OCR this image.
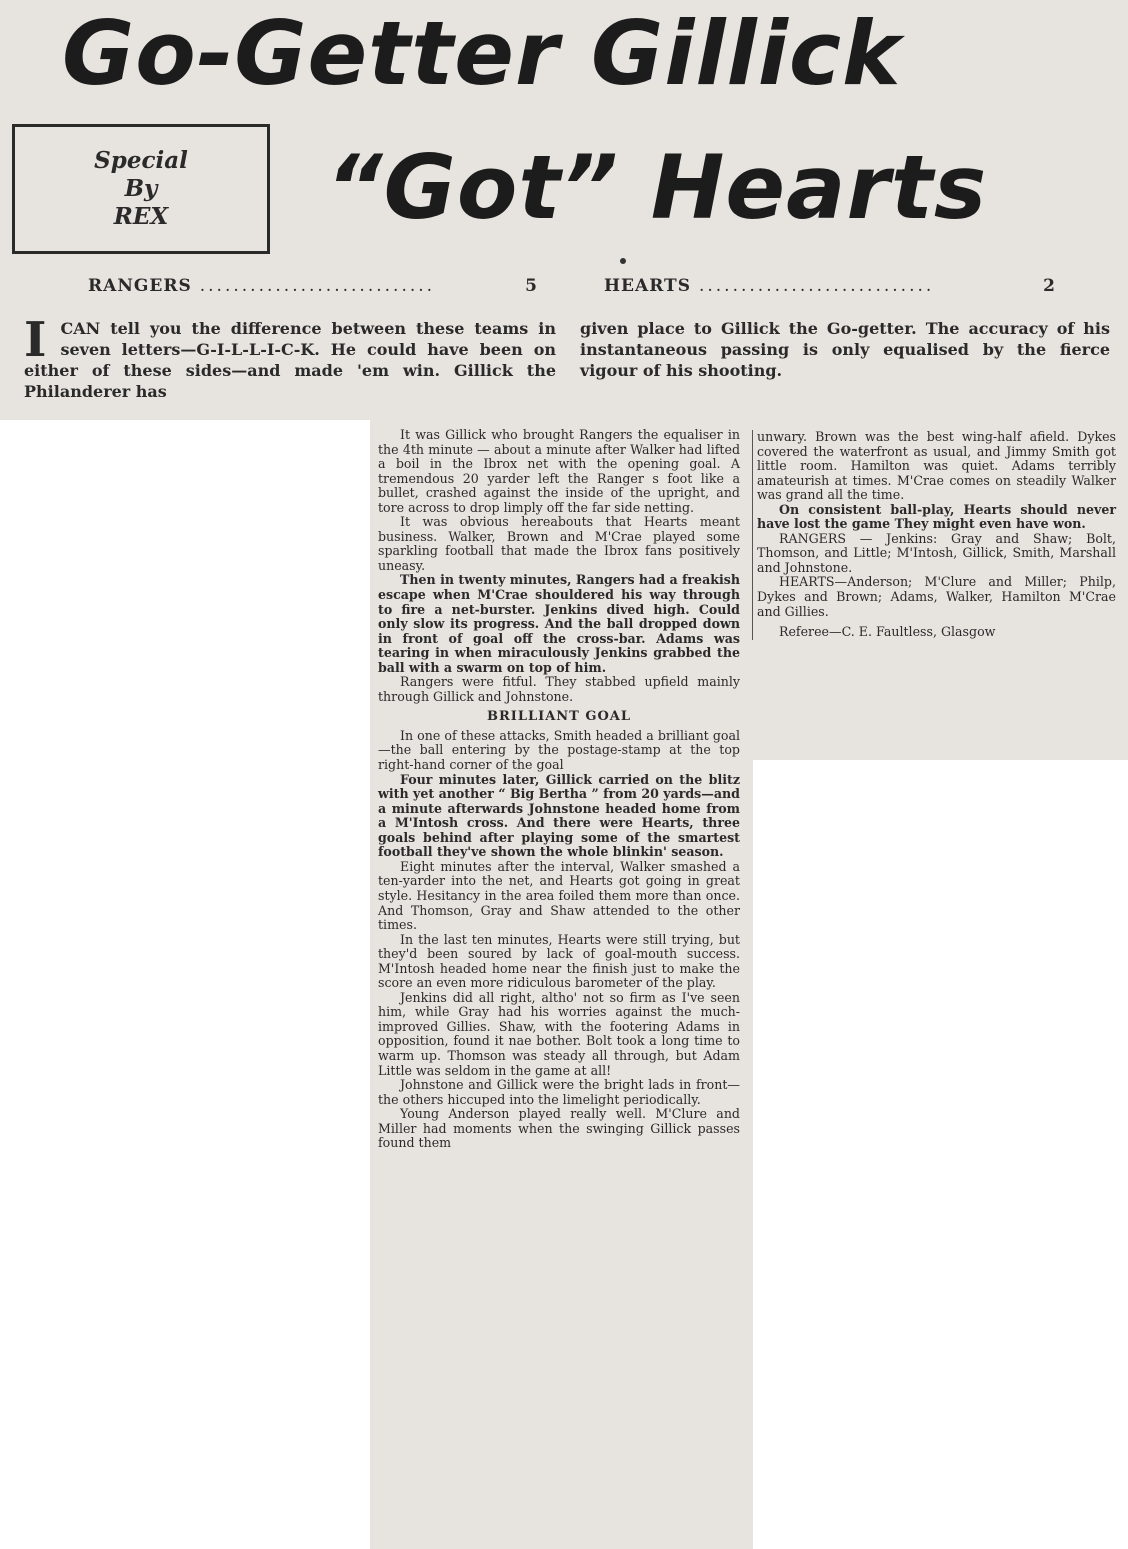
Go-Getter Gillick
“Got” Hearts
Special
By
REX
RANGERS ............................	5	HEARTS ............................	2

ICAN tell you the difference between these teams in seven letters—G-I-L-L-I-C-K. He could have been on either of these sides—and made 'em win. Gillick the Philanderer has

given place to Gillick the Go-getter. The accuracy of his instantaneous passing is only equalised by the fierce vigour of his shooting.

It was Gillick who brought Rangers the equaliser in the 4th minute — about a minute after Walker had lifted a boil in the Ibrox net with the opening goal. A tremendous 20 yarder left the Ranger s foot like a bullet, crashed against the inside of the upright, and tore across to drop limply off the far side netting.

It was obvious hereabouts that Hearts meant business. Walker, Brown and M'Crae played some sparkling football that made the Ibrox fans positively uneasy.

Then in twenty minutes, Rangers had a freakish escape when M'Crae shouldered his way through to fire a net-burster. Jenkins dived high. Could only slow its progress. And the ball dropped down in front of goal off the cross-bar. Adams was tearing in when miraculously Jenkins grabbed the ball with a swarm on top of him.

Rangers were fitful. They stabbed upfield mainly through Gillick and Johnstone.

BRILLIANT GOAL

In one of these attacks, Smith headed a brilliant goal—the ball entering by the postage-stamp at the top right-hand corner of the goal

Four minutes later, Gillick carried on the blitz with yet another “ Big Bertha ” from 20 yards—and a minute afterwards Johnstone headed home from a M'Intosh cross. And there were Hearts, three goals behind after playing some of the smartest football they've shown the whole blinkin' season.

Eight minutes after the interval, Walker smashed a ten-yarder into the net, and Hearts got going in great style. Hesitancy in the area foiled them more than once. And Thomson, Gray and Shaw attended to the other times.

In the last ten minutes, Hearts were still trying, but they'd been soured by lack of goal-mouth success. M'Intosh headed home near the finish just to make the score an even more ridiculous barometer of the play.

Jenkins did all right, altho' not so firm as I've seen him, while Gray had his worries against the much-improved Gillies. Shaw, with the footering Adams in opposition, found it nae bother. Bolt took a long time to warm up. Thomson was steady all through, but Adam Little was seldom in the game at all!

Johnstone and Gillick were the bright lads in front—the others hiccuped into the limelight periodically.

Young Anderson played really well. M'Clure and Miller had moments when the swinging Gillick passes found them

unwary. Brown was the best wing-half afield. Dykes covered the waterfront as usual, and Jimmy Smith got little room. Hamilton was quiet. Adams terribly amateurish at times. M'Crae comes on steadily Walker was grand all the time.

On consistent ball-play, Hearts should never have lost the game They might even have won.

RANGERS — Jenkins: Gray and Shaw; Bolt, Thomson, and Little; M'Intosh, Gillick, Smith, Marshall and Johnstone.

HEARTS—Anderson; M'Clure and Miller; Philp, Dykes and Brown; Adams, Walker, Hamilton M'Crae and Gillies.

Referee—C. E. Faultless, Glasgow
